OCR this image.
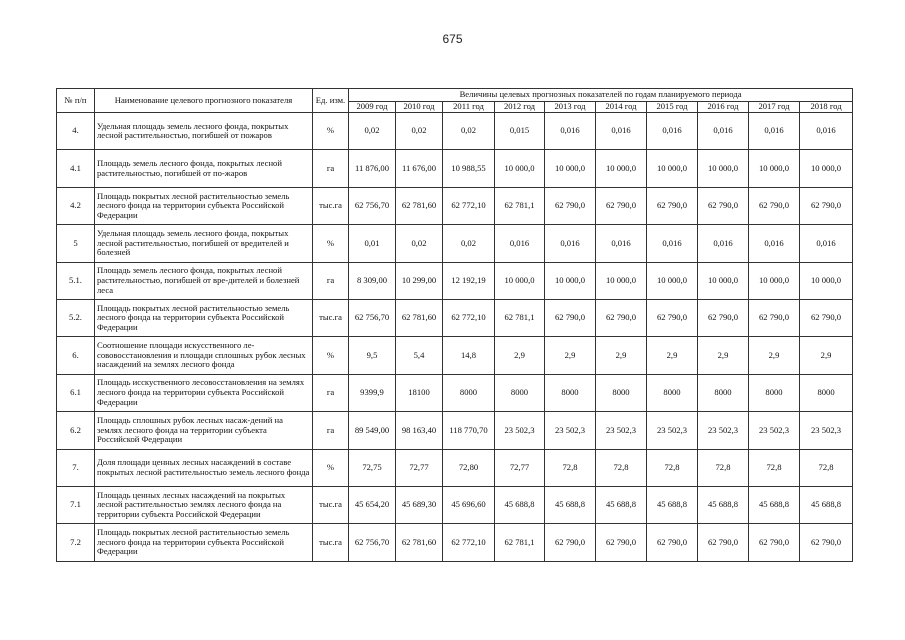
675
№ п/п	Наименование целевого прогнозного показателя	Ед. изм.	Величины целевых прогнозных показателей по годам планируемого периода									
			2009 год	2010 год	2011 год	2012 год	2013 год	2014 год	2015 год	2016 год	2017 год	2018 год
4.	Удельная площадь земель лесного фонда, покрытых лесной растительностью, погибшей от пожаров	%	0,02	0,02	0,02	0,015	0,016	0,016	0,016	0,016	0,016	0,016
4.1	Площадь земель лесного фонда, покрытых лесной растительностью, погибшей от по-жаров	га	11 876,00	11 676,00	10 988,55	10 000,0	10 000,0	10 000,0	10 000,0	10 000,0	10 000,0	10 000,0
4.2	Площадь покрытых лесной растительностью земель лесного фонда на территории субъекта Российской Федерации	тыс.га	62 756,70	62 781,60	62 772,10	62 781,1	62 790,0	62 790,0	62 790,0	62 790,0	62 790,0	62 790,0
5	Удельная площадь земель лесного фонда, покрытых лесной растительностью, погибшей от вредителей и болезней	%	0,01	0,02	0,02	0,016	0,016	0,016	0,016	0,016	0,016	0,016
5.1.	Площадь земель лесного фонда, покрытых лесной растительностью, погибшей от вре-дителей и болезней леса	га	8 309,00	10 299,00	12 192,19	10 000,0	10 000,0	10 000,0	10 000,0	10 000,0	10 000,0	10 000,0
5.2.	Площадь покрытых лесной растительностью земель лесного фонда на территории субъекта Российской Федерации	тыс.га	62 756,70	62 781,60	62 772,10	62 781,1	62 790,0	62 790,0	62 790,0	62 790,0	62 790,0	62 790,0
6.	Соотношение площади искусственного ле-сововосстановления и площади сплошных рубок лесных насаждений на землях лесного фонда	%	9,5	5,4	14,8	2,9	2,9	2,9	2,9	2,9	2,9	2,9
6.1	Площадь исскуственного лесовосстановления на землях лесного фонда на территории субъекта Российской Федерации	га	9399,9	18100	8000	8000	8000	8000	8000	8000	8000	8000
6.2	Площадь сплошных рубок лесных насаж-дений на землях лесного фонда на территории субъекта Российской Федерации	га	89 549,00	98 163,40	118 770,70	23 502,3	23 502,3	23 502,3	23 502,3	23 502,3	23 502,3	23 502,3
7.	Доля площади ценных лесных насаждений в составе покрытых лесной растительностью земель лесного фонда	%	72,75	72,77	72,80	72,77	72,8	72,8	72,8	72,8	72,8	72,8
7.1	Площадь ценных лесных насаждений на покрытых лесной растительностью землях лесного фонда на территории субъекта Российской Федерации	тыс.га	45 654,20	45 689,30	45 696,60	45 688,8	45 688,8	45 688,8	45 688,8	45 688,8	45 688,8	45 688,8
7.2	Площадь покрытых лесной растительностью земель лесного фонда на территории субъекта Российской Федерации	тыс.га	62 756,70	62 781,60	62 772,10	62 781,1	62 790,0	62 790,0	62 790,0	62 790,0	62 790,0	62 790,0
